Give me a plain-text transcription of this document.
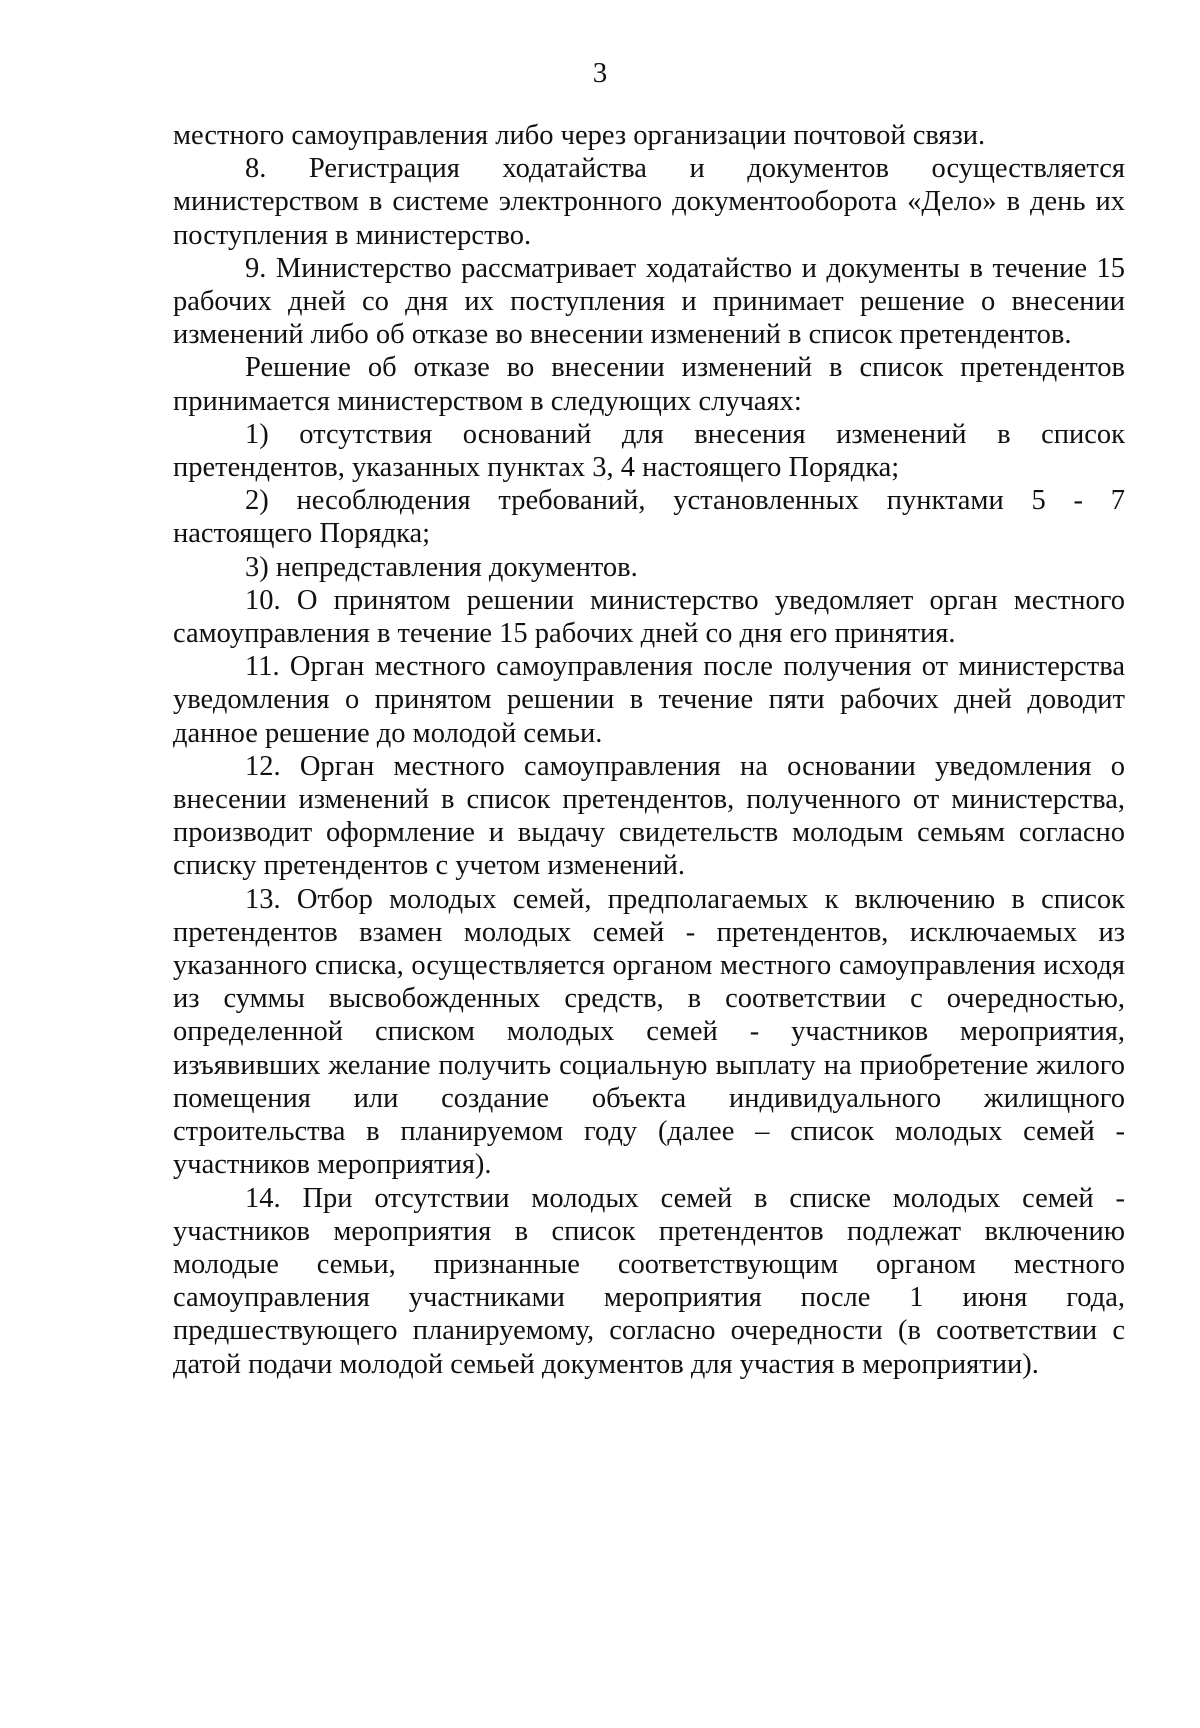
3

местного самоуправления либо через организации почтовой связи.

8. Регистрация ходатайства и документов осуществляется министерством в системе электронного документооборота «Дело» в день их поступления в министерство.

9. Министерство рассматривает ходатайство и документы в течение 15 рабочих дней со дня их поступления и принимает решение о внесении изменений либо об отказе во внесении изменений в список претендентов.

Решение об отказе во внесении изменений в список претендентов принимается министерством в следующих случаях:

1) отсутствия оснований для внесения изменений в список претендентов, указанных пунктах 3, 4 настоящего Порядка;

2) несоблюдения требований, установленных пунктами 5 - 7 настоящего Порядка;

3) непредставления документов.

10. О принятом решении министерство уведомляет орган местного самоуправления в течение 15 рабочих дней со дня его принятия.

11. Орган местного самоуправления после получения от министерства уведомления о принятом решении в течение пяти рабочих дней доводит данное решение до молодой семьи.

12. Орган местного самоуправления на основании уведомления о внесении изменений в список претендентов, полученного от министерства, производит оформление и выдачу свидетельств молодым семьям согласно списку претендентов с учетом изменений.

13. Отбор молодых семей, предполагаемых к включению в список претендентов взамен молодых семей - претендентов, исключаемых из указанного списка, осуществляется органом местного самоуправления исходя из суммы высвобожденных средств, в соответствии с очередностью, определенной списком молодых семей - участников мероприятия, изъявивших желание получить социальную выплату на приобретение жилого помещения или создание объекта индивидуального жилищного строительства в планируемом году (далее – список молодых семей - участников мероприятия).

14. При отсутствии молодых семей в списке молодых семей - участников мероприятия в список претендентов подлежат включению молодые семьи, признанные соответствующим органом местного самоуправления участниками мероприятия после 1 июня года, предшествующего планируемому, согласно очередности (в соответствии с датой подачи молодой семьей документов для участия в мероприятии).
